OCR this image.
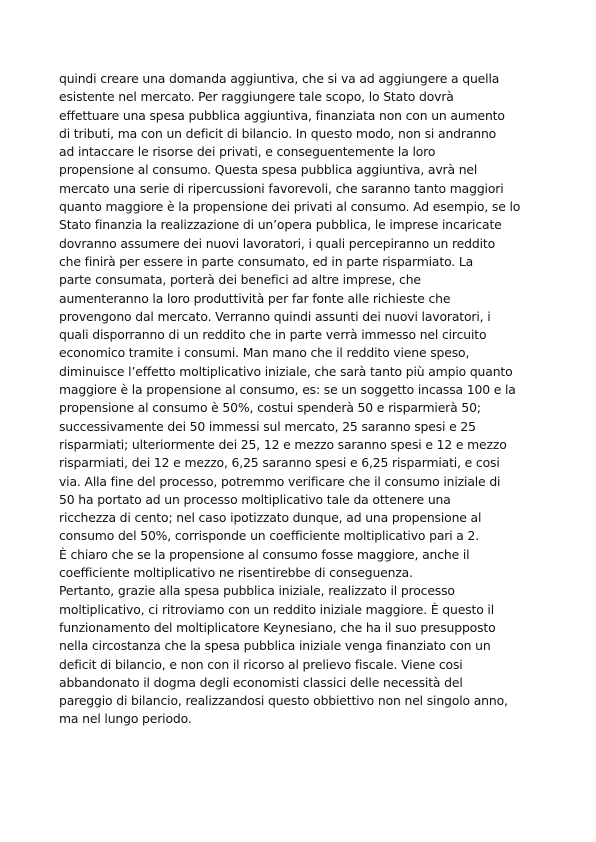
quindi creare una domanda aggiuntiva, che si va ad aggiungere a quella
esistente nel mercato. Per raggiungere tale scopo, lo Stato dovrà
effettuare una spesa pubblica aggiuntiva, finanziata non con un aumento
di tributi, ma con un deficit di bilancio. In questo modo, non si andranno
ad intaccare le risorse dei privati, e conseguentemente la loro
propensione al consumo. Questa spesa pubblica aggiuntiva, avrà nel
mercato una serie di ripercussioni favorevoli, che saranno tanto maggiori
quanto maggiore è la propensione dei privati al consumo. Ad esempio, se lo
Stato finanzia la realizzazione di un’opera pubblica, le imprese incaricate
dovranno assumere dei nuovi lavoratori, i quali percepiranno un reddito
che finirà per essere in parte consumato, ed in parte risparmiato. La
parte consumata, porterà dei benefici ad altre imprese, che
aumenteranno la loro produttività per far fonte alle richieste che
provengono dal mercato. Verranno quindi assunti dei nuovi lavoratori, i
quali disporranno di un reddito che in parte verrà immesso nel circuito
economico tramite i consumi. Man mano che il reddito viene speso,
diminuisce l’effetto moltiplicativo iniziale, che sarà tanto più ampio quanto
maggiore è la propensione al consumo, es: se un soggetto incassa 100 e la
propensione al consumo è 50%, costui spenderà 50 e risparmierà 50;
successivamente dei 50 immessi sul mercato, 25 saranno spesi e 25
risparmiati; ulteriormente dei 25, 12 e mezzo saranno spesi e 12 e mezzo
risparmiati, dei 12 e mezzo, 6,25 saranno spesi e 6,25 risparmiati, e cosi
via. Alla fine del processo, potremmo verificare che il consumo iniziale di
50 ha portato ad un processo moltiplicativo tale da ottenere una
ricchezza di cento; nel caso ipotizzato dunque, ad una propensione al
consumo del 50%, corrisponde un coefficiente moltiplicativo pari a 2.
È chiaro che se la propensione al consumo fosse maggiore, anche il
coefficiente moltiplicativo ne risentirebbe di conseguenza.
Pertanto, grazie alla spesa pubblica iniziale, realizzato il processo
moltiplicativo, ci ritroviamo con un reddito iniziale maggiore. È questo il
funzionamento del moltiplicatore Keynesiano, che ha il suo presupposto
nella circostanza che la spesa pubblica iniziale venga finanziato con un
deficit di bilancio, e non con il ricorso al prelievo fiscale. Viene cosi
abbandonato il dogma degli economisti classici delle necessità del
pareggio di bilancio, realizzandosi questo obbiettivo non nel singolo anno,
ma nel lungo periodo.
